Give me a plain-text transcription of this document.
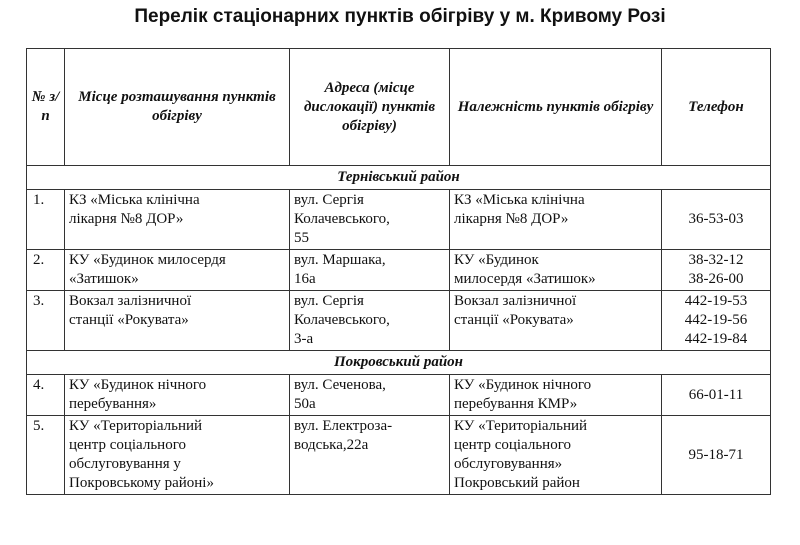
Перелік стаціонарних пунктів обігріву у м. Кривому Розі
№ з/п	Місце розташування пунктів обігріву	Адреса (місце дислокації) пунктів обігріву)	Належність пунктів обігріву	Телефон
Тернівський район				
1.	КЗ «Міська клінічна
лікарня №8 ДОР»	вул. Сергія
Колачевського,
55	КЗ «Міська клінічна
лікарня №8 ДОР»	36-53-03

2.	КУ «Будинок милосердя
«Затишок»	вул. Маршака,
16а	КУ «Будинок
милосердя «Затишок»	38-32-12
38-26-00

3.	Вокзал залізничної
станції «Рокувата»	вул. Сергія
Колачевського,
3-а	Вокзал залізничної
станції «Рокувата»	442-19-53
442-19-56
442-19-84

Покровський район				
4.	КУ «Будинок нічного
перебування»	вул. Сеченова,
50а	КУ «Будинок нічного
перебування КМР»	66-01-11

5.	КУ «Територіальний
центр соціального
обслуговування у
Покровському районі»	вул. Електроза-
водська,22а	КУ «Територіальний
центр соціального
обслуговування»
Покровський район	95-18-71
